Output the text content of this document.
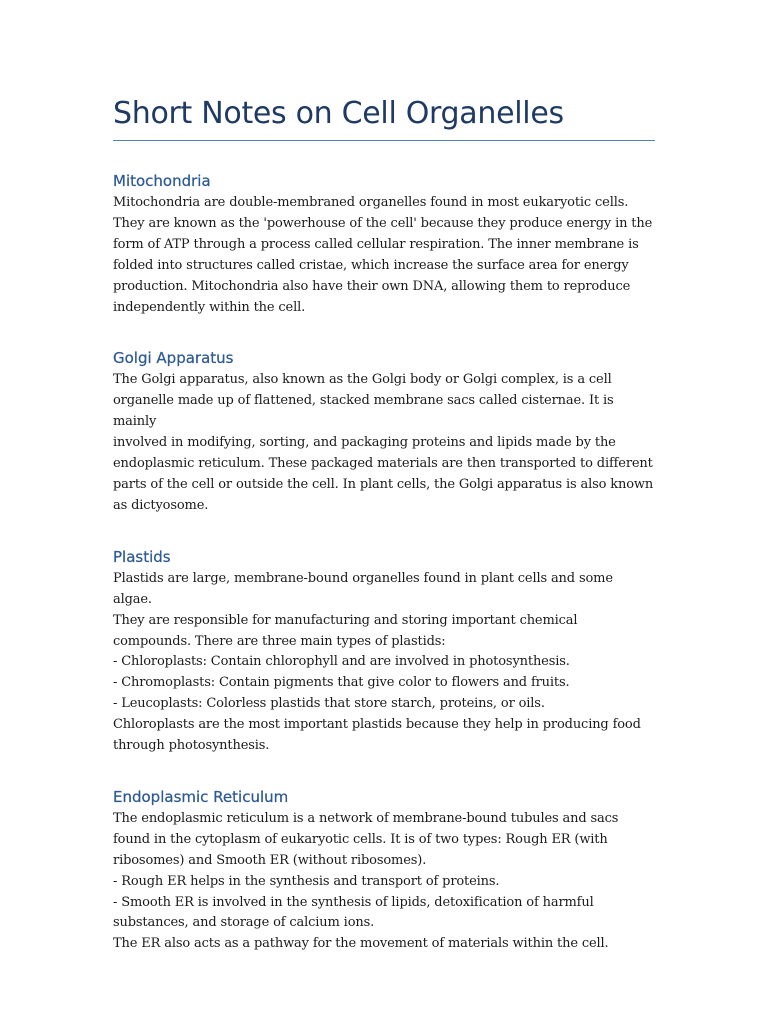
Short Notes on Cell Organelles
Mitochondria

Mitochondria are double-membraned organelles found in most eukaryotic cells.
They are known as the 'powerhouse of the cell' because they produce energy in the
form of ATP through a process called cellular respiration. The inner membrane is
folded into structures called cristae, which increase the surface area for energy
production. Mitochondria also have their own DNA, allowing them to reproduce
independently within the cell.

Golgi Apparatus

The Golgi apparatus, also known as the Golgi body or Golgi complex, is a cell
organelle made up of flattened, stacked membrane sacs called cisternae. It is mainly
involved in modifying, sorting, and packaging proteins and lipids made by the
endoplasmic reticulum. These packaged materials are then transported to different
parts of the cell or outside the cell. In plant cells, the Golgi apparatus is also known
as dictyosome.

Plastids

Plastids are large, membrane-bound organelles found in plant cells and some algae.
They are responsible for manufacturing and storing important chemical
compounds. There are three main types of plastids:
- Chloroplasts: Contain chlorophyll and are involved in photosynthesis.
- Chromoplasts: Contain pigments that give color to flowers and fruits.
- Leucoplasts: Colorless plastids that store starch, proteins, or oils.
Chloroplasts are the most important plastids because they help in producing food
through photosynthesis.

Endoplasmic Reticulum

The endoplasmic reticulum is a network of membrane-bound tubules and sacs
found in the cytoplasm of eukaryotic cells. It is of two types: Rough ER (with
ribosomes) and Smooth ER (without ribosomes).
- Rough ER helps in the synthesis and transport of proteins.
- Smooth ER is involved in the synthesis of lipids, detoxification of harmful
substances, and storage of calcium ions.
The ER also acts as a pathway for the movement of materials within the cell.
